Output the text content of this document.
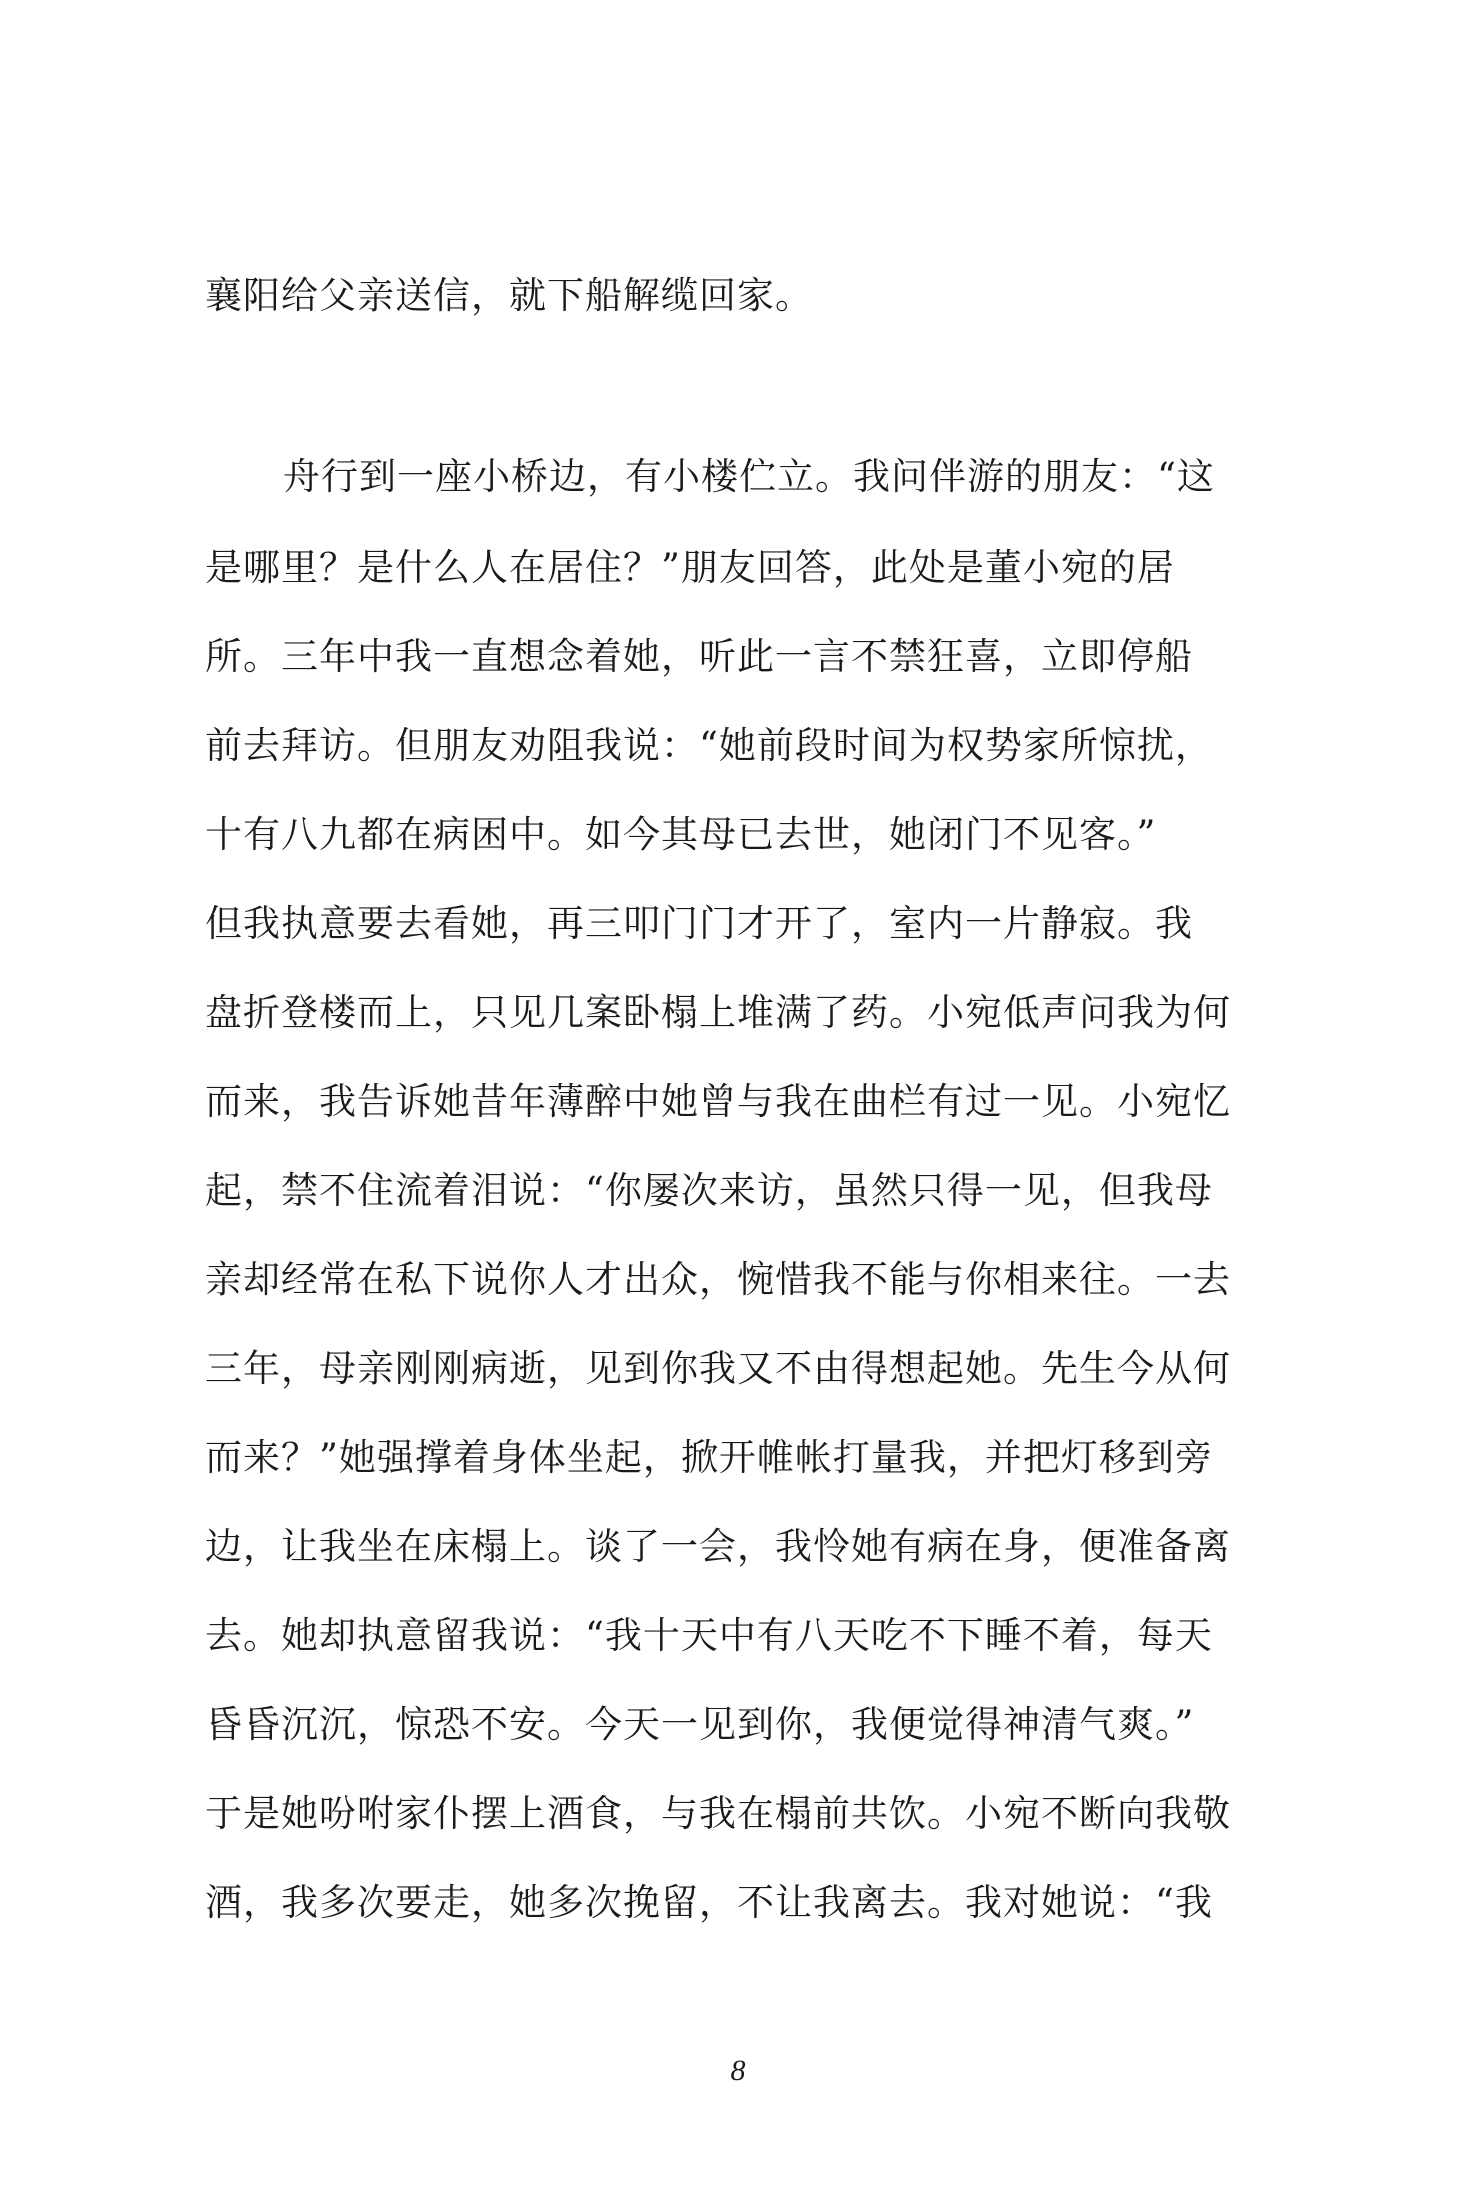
襄阳给父亲送信，就下船解缆回家。
舟行到一座小桥边，有小楼伫立。我问伴游的朋友：“这
是哪里？是什么人在居住？”朋友回答，此处是董小宛的居
所。三年中我一直想念着她，听此一言不禁狂喜，立即停船
前去拜访。但朋友劝阻我说：“她前段时间为权势家所惊扰，
十有八九都在病困中。如今其母已去世，她闭门不见客。”
但我执意要去看她，再三叩门门才开了，室内一片静寂。我
盘折登楼而上，只见几案卧榻上堆满了药。小宛低声问我为何
而来，我告诉她昔年薄醉中她曾与我在曲栏有过一见。小宛忆
起，禁不住流着泪说：“你屡次来访，虽然只得一见，但我母
亲却经常在私下说你人才出众，惋惜我不能与你相来往。一去
三年，母亲刚刚病逝，见到你我又不由得想起她。先生今从何
而来？”她强撑着身体坐起，掀开帷帐打量我，并把灯移到旁
边，让我坐在床榻上。谈了一会，我怜她有病在身，便准备离
去。她却执意留我说：“我十天中有八天吃不下睡不着，每天
昏昏沉沉，惊恐不安。今天一见到你，我便觉得神清气爽。”
于是她吩咐家仆摆上酒食，与我在榻前共饮。小宛不断向我敬
酒，我多次要走，她多次挽留，不让我离去。我对她说：“我
8
